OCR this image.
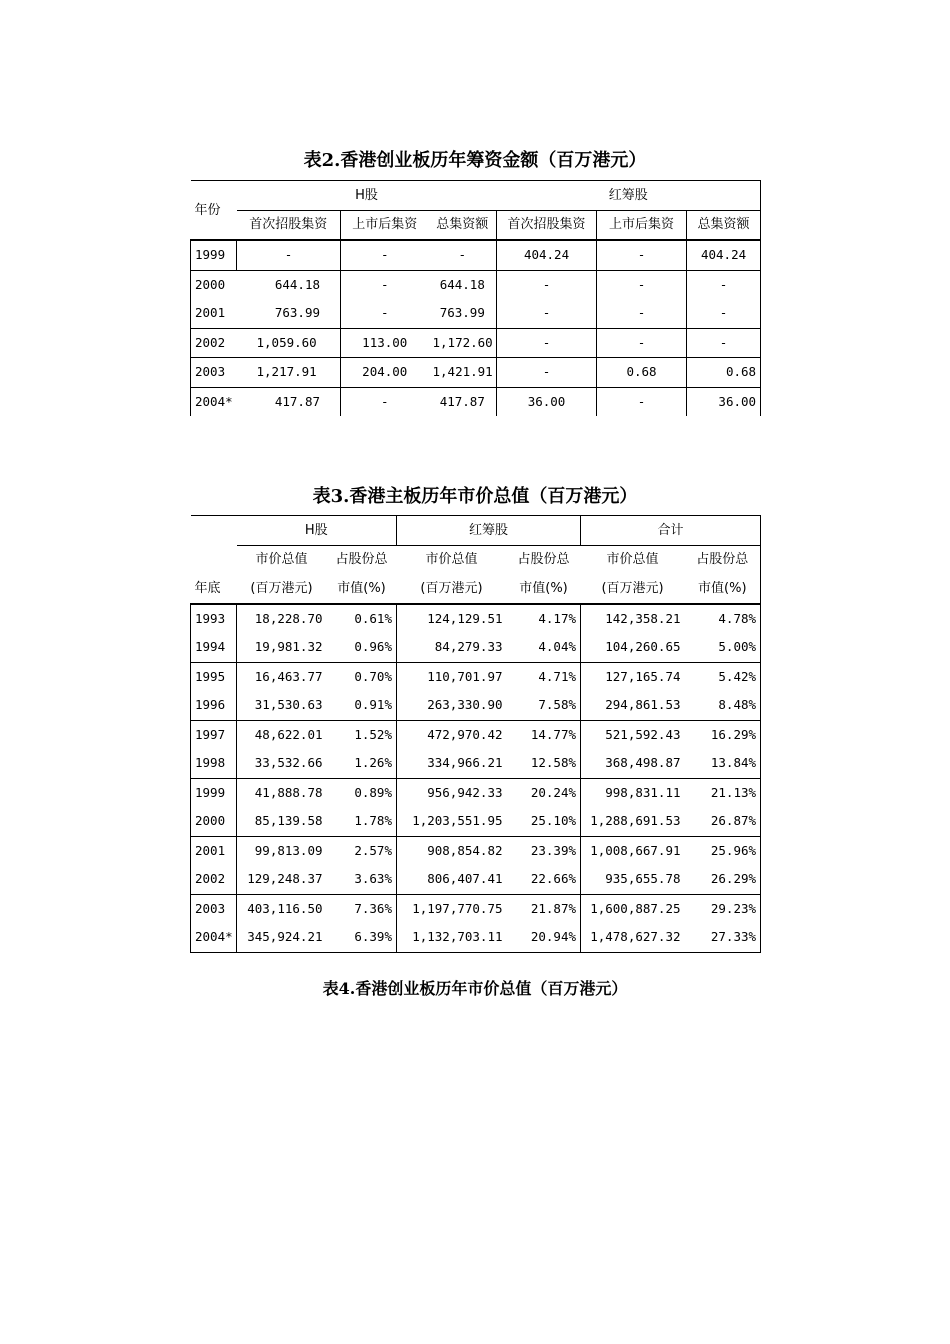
表2.香港创业板历年筹资金额（百万港元）
年份	H股			红筹股		
	首次招股集资	上市后集资	总集资额	首次招股集资	上市后集资	总集资额
1999	-	-	-	404.24	-	404.24
2000	644.18	-	644.18	-	-	-
2001	763.99	-	763.99	-	-	-
2002	1,059.60	113.00	1,172.60	-	-	-
2003	1,217.91	204.00	1,421.91	-	0.68	0.68
2004*	417.87	-	417.87	36.00	-	36.00
表3.香港主板历年市价总值（百万港元）
	H股		红筹股		合计	
	市价总值	占股份总	市价总值	占股份总	市价总值	占股份总
年底	(百万港元)	市值(%)	(百万港元)	市值(%)	(百万港元)	市值(%)
1993	18,228.70	0.61%	124,129.51	4.17%	142,358.21	4.78%
1994	19,981.32	0.96%	84,279.33	4.04%	104,260.65	5.00%
1995	16,463.77	0.70%	110,701.97	4.71%	127,165.74	5.42%
1996	31,530.63	0.91%	263,330.90	7.58%	294,861.53	8.48%
1997	48,622.01	1.52%	472,970.42	14.77%	521,592.43	16.29%
1998	33,532.66	1.26%	334,966.21	12.58%	368,498.87	13.84%
1999	41,888.78	0.89%	956,942.33	20.24%	998,831.11	21.13%
2000	85,139.58	1.78%	1,203,551.95	25.10%	1,288,691.53	26.87%
2001	99,813.09	2.57%	908,854.82	23.39%	1,008,667.91	25.96%
2002	129,248.37	3.63%	806,407.41	22.66%	935,655.78	26.29%
2003	403,116.50	7.36%	1,197,770.75	21.87%	1,600,887.25	29.23%
2004*	345,924.21	6.39%	1,132,703.11	20.94%	1,478,627.32	27.33%
表4.香港创业板历年市价总值（百万港元）
